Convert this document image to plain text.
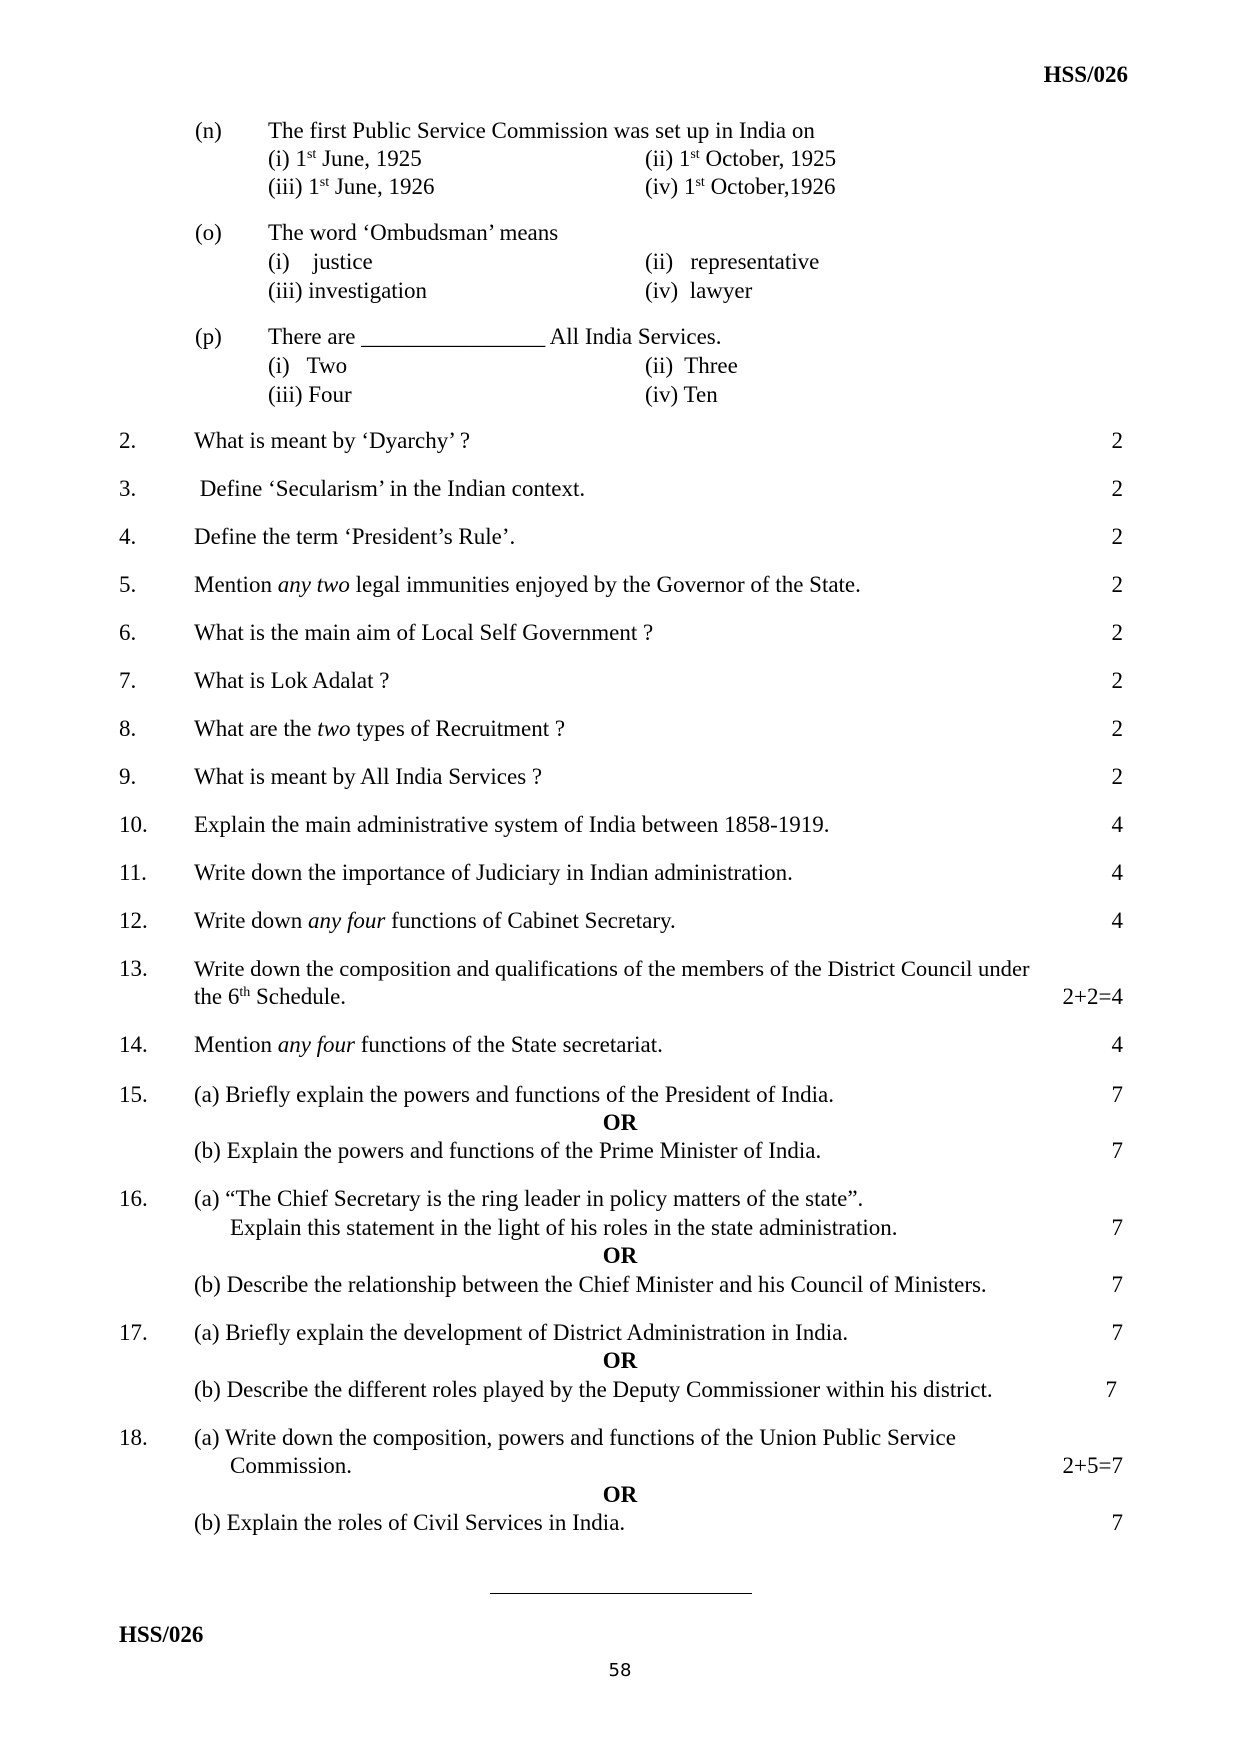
HSS/026
(n) The first Public Service Commission was set up in India on
(i) 1st June, 1925	(ii) 1st October, 1925
(iii) 1st June, 1926	(iv) 1st October,1926
(o) The word ‘Ombudsman’ means
(i)    justice	(ii)   representative
(iii) investigation	(iv)  lawyer
(p) There are ________________ All India Services.
(i)   Two	(ii)  Three
(iii) Four	(iv) Ten
2.	What is meant by ‘Dyarchy’ ?	2
3.	Define ‘Secularism’ in the Indian context.	2
4.	Define the term ‘President’s Rule’.	2
5.	Mention any two legal immunities enjoyed by the Governor of the State.	2
6.	What is the main aim of Local Self Government ?	2
7.	What is Lok Adalat ?	2
8.	What are the two types of Recruitment ?	2
9.	What is meant by All India Services ?	2
10. Explain the main administrative system of India between 1858-1919.	4
11. Write down the importance of Judiciary in Indian administration.	4
12. Write down any four functions of Cabinet Secretary.	4
13. Write down the composition and qualifications of the members of the District Council under
the 6th Schedule.	2+2=4
14. Mention any four functions of the State secretariat.	4
15. (a) Briefly explain the powers and functions of the President of India.	7
OR
(b) Explain the powers and functions of the Prime Minister of India.	7
16. (a) “The Chief Secretary is the ring leader in policy matters of the state”.
Explain this statement in the light of his roles in the state administration.	7
OR
(b) Describe the relationship between the Chief Minister and his Council of Ministers.	7
17. (a) Briefly explain the development of District Administration in India.	7
OR
(b) Describe the different roles played by the Deputy Commissioner within his district.	7
18. (a) Write down the composition, powers and functions of the Union Public Service
Commission.	2+5=7
OR
(b) Explain the roles of Civil Services in India.	7
HSS/026
58
